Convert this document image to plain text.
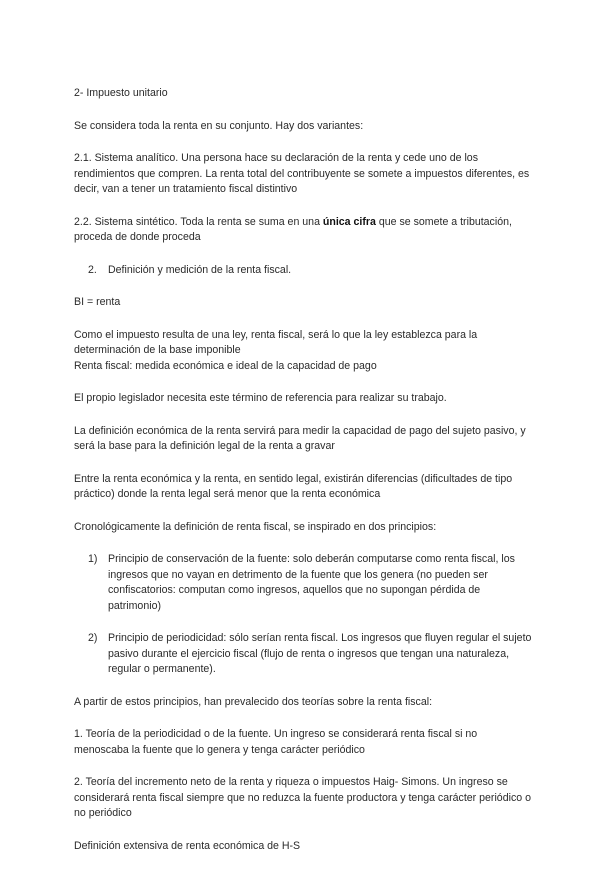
2- Impuesto unitario

Se considera toda la renta en su conjunto. Hay dos variantes:

2.1. Sistema analítico. Una persona hace su declaración de la renta y cede uno de los rendimientos que compren. La renta total del contribuyente se somete a impuestos diferentes, es decir, van a tener un tratamiento fiscal distintivo

2.2. Sistema sintético. Toda la renta se suma en una única cifra que se somete a tributación, proceda de donde proceda

2.	Definición y medición de la renta fiscal.

BI = renta

Como el impuesto resulta de una ley, renta fiscal, será lo que la ley establezca para la determinación de la base imponible

Renta fiscal: medida económica e ideal de la capacidad de pago

El propio legislador necesita este término de referencia para realizar su trabajo.

La definición económica de la renta servirá para medir la capacidad de pago del sujeto pasivo, y será la base para la definición legal de la renta a gravar

Entre la renta económica y la renta, en sentido legal, existirán diferencias (dificultades de tipo práctico) donde la renta legal será menor que la renta económica

Cronológicamente la definición de renta fiscal, se inspirado en dos principios:

1) Principio de conservación de la fuente: solo deberán computarse como renta fiscal, los ingresos que no vayan en detrimento de la fuente que los genera (no pueden ser confiscatorios: computan como ingresos, aquellos que no supongan pérdida de patrimonio)
2) Principio de periodicidad: sólo serían renta fiscal. Los ingresos que fluyen regular el sujeto pasivo durante el ejercicio fiscal (flujo de renta o ingresos que tengan una naturaleza, regular o permanente).

A partir de estos principios, han prevalecido dos teorías sobre la renta fiscal:

1. Teoría de la periodicidad o de la fuente. Un ingreso se considerará renta fiscal si no menoscaba la fuente que lo genera y tenga carácter periódico

2. Teoría del incremento neto de la renta y riqueza o impuestos Haig- Simons. Un ingreso se considerará renta fiscal siempre que no reduzca la fuente productora y tenga carácter periódico o no periódico

Definición extensiva de renta económica de H-S
